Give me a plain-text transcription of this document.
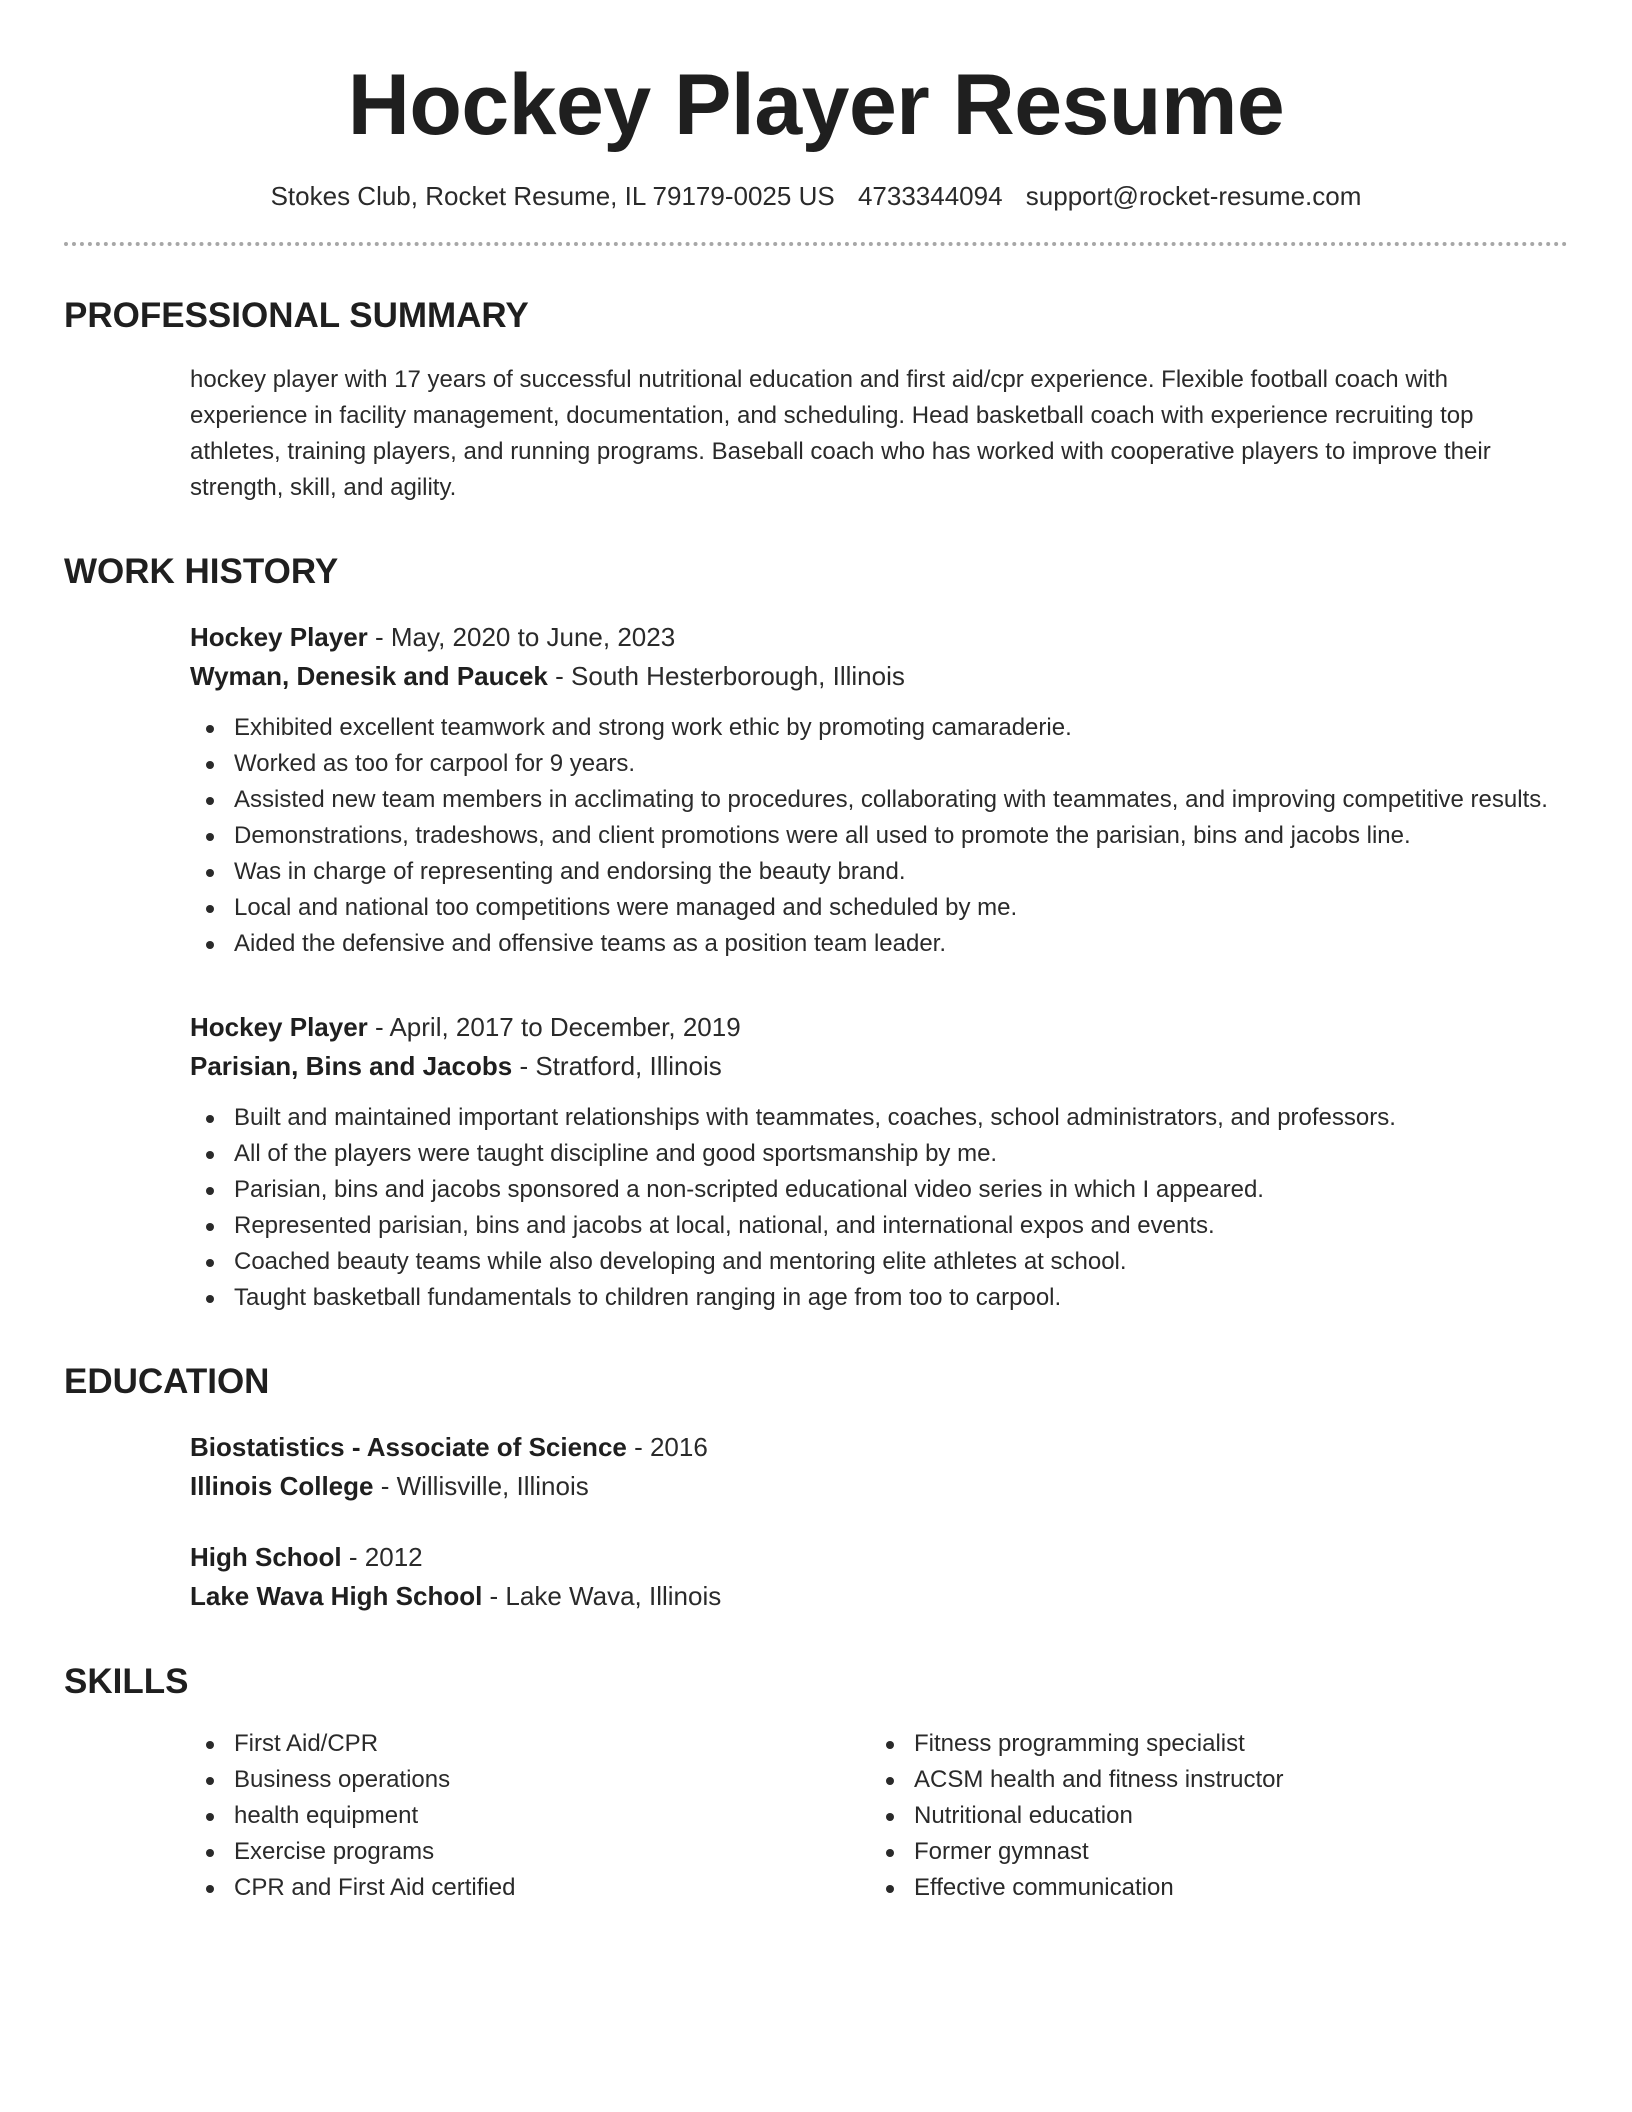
Hockey Player Resume
Stokes Club, Rocket Resume, IL 79179-0025 US 4733344094 support@rocket-resume.com
PROFESSIONAL SUMMARY

hockey player with 17 years of successful nutritional education and first aid/cpr experience. Flexible football coach with experience in facility management, documentation, and scheduling. Head basketball coach with experience recruiting top athletes, training players, and running programs. Baseball coach who has worked with cooperative players to improve their strength, skill, and agility.

WORK HISTORY
Hockey Player - May, 2020 to June, 2023
Wyman, Denesik and Paucek - South Hesterborough, Illinois
Exhibited excellent teamwork and strong work ethic by promoting camaraderie.
Worked as too for carpool for 9 years.
Assisted new team members in acclimating to procedures, collaborating with teammates, and improving competitive results.
Demonstrations, tradeshows, and client promotions were all used to promote the parisian, bins and jacobs line.
Was in charge of representing and endorsing the beauty brand.
Local and national too competitions were managed and scheduled by me.
Aided the defensive and offensive teams as a position team leader.
Hockey Player - April, 2017 to December, 2019
Parisian, Bins and Jacobs - Stratford, Illinois
Built and maintained important relationships with teammates, coaches, school administrators, and professors.
All of the players were taught discipline and good sportsmanship by me.
Parisian, bins and jacobs sponsored a non-scripted educational video series in which I appeared.
Represented parisian, bins and jacobs at local, national, and international expos and events.
Coached beauty teams while also developing and mentoring elite athletes at school.
Taught basketball fundamentals to children ranging in age from too to carpool.
EDUCATION
Biostatistics - Associate of Science - 2016
Illinois College - Willisville, Illinois
High School - 2012
Lake Wava High School - Lake Wava, Illinois
SKILLS
First Aid/CPR
Business operations
health equipment
Exercise programs
CPR and First Aid certified
Fitness programming specialist
ACSM health and fitness instructor
Nutritional education
Former gymnast
Effective communication
